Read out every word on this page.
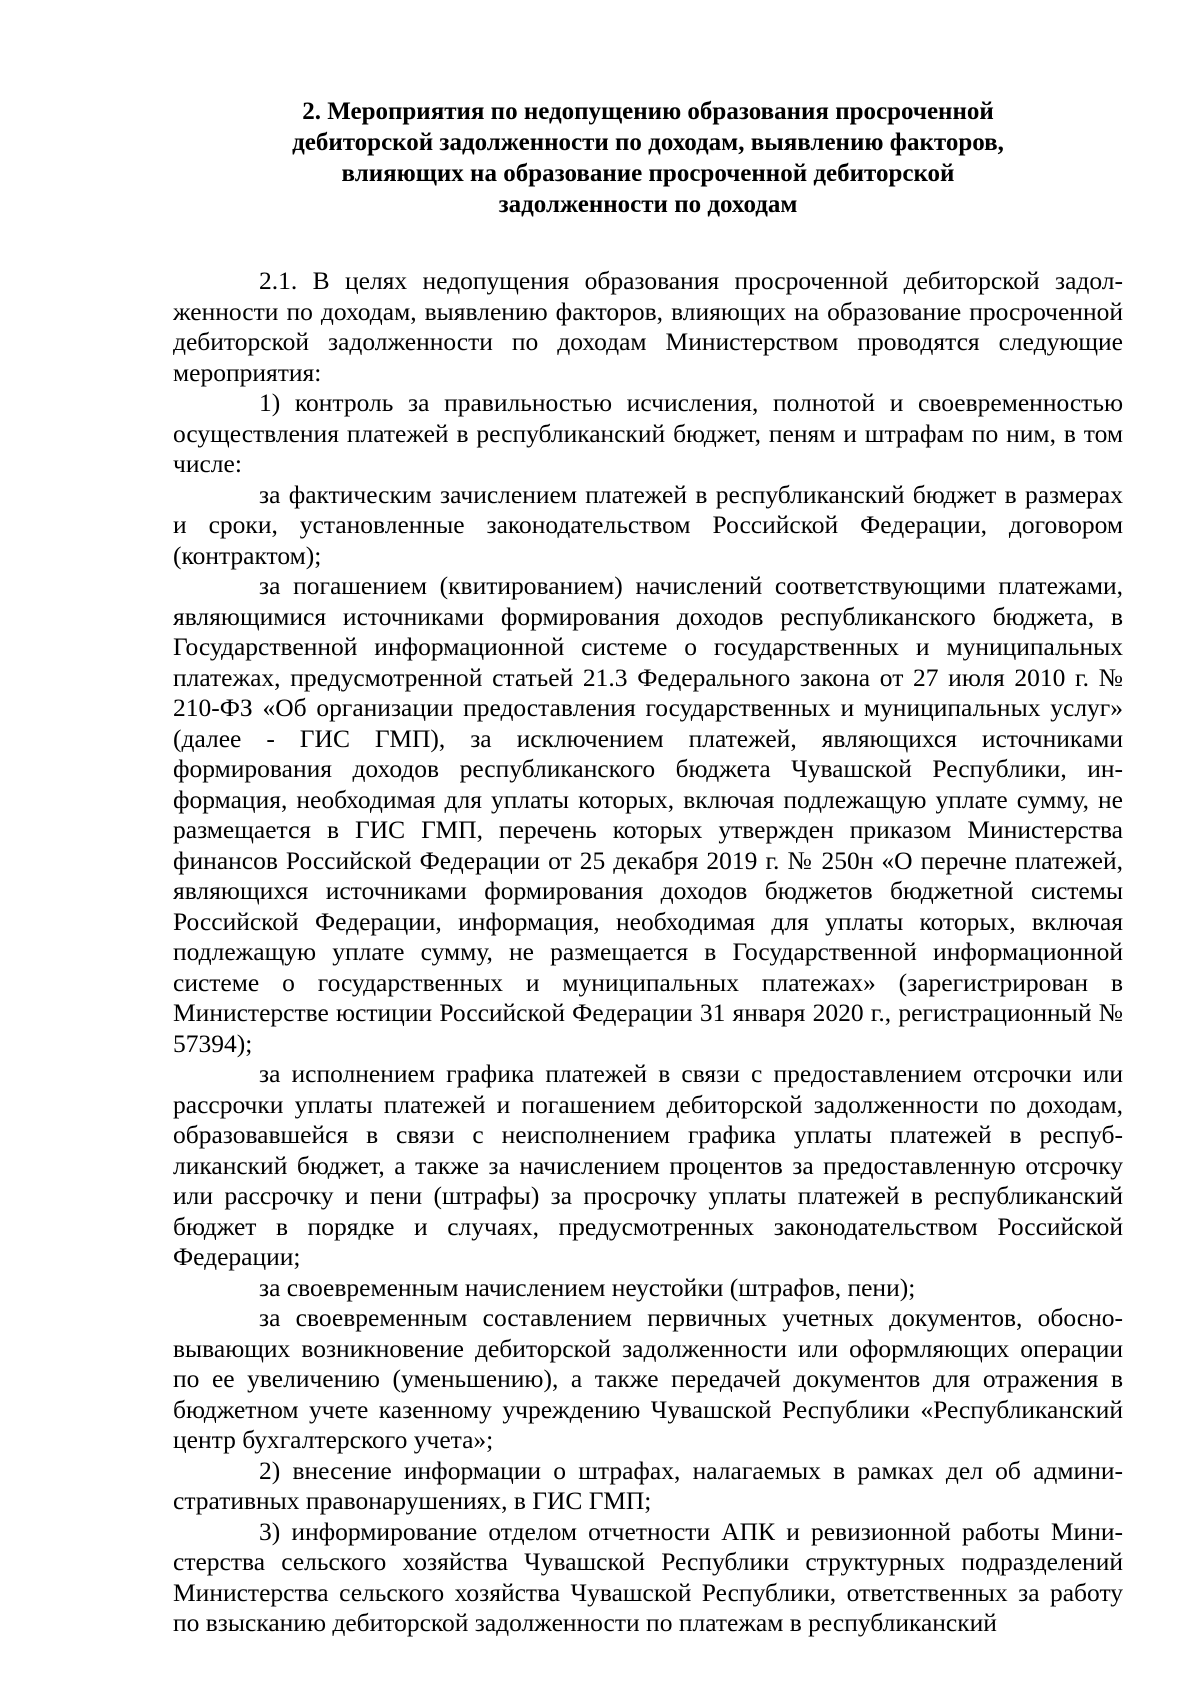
2. Мероприятия по недопущению образования просроченной
дебиторской задолженности по доходам, выявлению факторов,
влияющих на образование просроченной дебиторской
задолженности по доходам

2.1. В целях недопущения образования просроченной дебиторской задолженности по доходам, выявлению факторов, влияющих на образование просроченной дебиторской задолженности по доходам Министерством проводятся следующие мероприятия:

1) контроль за правильностью исчисления, полнотой и своевременностью осуществления платежей в республиканский бюджет, пеням и штрафам по ним, в том числе:

за фактическим зачислением платежей в республиканский бюджет в размерах и сроки, установленные законодательством Российской Федерации, договором (контрактом);

за погашением (квитированием) начислений соответствующими платежами, являющимися источниками формирования доходов республиканского бюджета, в Государственной информационной системе о государственных и муниципальных платежах, предусмотренной статьей 21.3 Федерального закона от 27 июля 2010 г. № 210-ФЗ «Об организации предоставления государственных и муниципальных услуг» (далее - ГИС ГМП), за исключением платежей, являющихся источниками формирования доходов республиканского бюджета Чувашской Республики, информация, необходимая для уплаты которых, включая подлежащую уплате сумму, не размещается в ГИС ГМП, перечень которых утвержден приказом Министерства финансов Российской Федерации от 25 декабря 2019 г. № 250н «О перечне платежей, являющихся источниками формирования доходов бюджетов бюджетной системы Российской Федерации, информация, необходимая для уплаты которых, включая подлежащую уплате сумму, не размещается в Государственной информационной системе о государственных и муниципальных платежах» (зарегистрирован в Министерстве юстиции Российской Федерации 31 января 2020 г., регистрационный № 57394);

за исполнением графика платежей в связи с предоставлением отсрочки или рассрочки уплаты платежей и погашением дебиторской задолженности по доходам, образовавшейся в связи с неисполнением графика уплаты платежей в республиканский бюджет, а также за начислением процентов за предоставленную отсрочку или рассрочку и пени (штрафы) за просрочку уплаты платежей в республиканский бюджет в порядке и случаях, предусмотренных законодательством Российской Федерации;

за своевременным начислением неустойки (штрафов, пени);

за своевременным составлением первичных учетных документов, обосновывающих возникновение дебиторской задолженности или оформляющих операции по ее увеличению (уменьшению), а также передачей документов для отражения в бюджетном учете казенному учреждению Чувашской Республики «Республиканский центр бухгалтерского учета»;

2) внесение информации о штрафах, налагаемых в рамках дел об административных правонарушениях, в ГИС ГМП;

3) информирование отделом отчетности АПК и ревизионной работы Министерства сельского хозяйства Чувашской Республики структурных подразделений Министерства сельского хозяйства Чувашской Республики, ответственных за работу по взысканию дебиторской задолженности по платежам в республиканский
